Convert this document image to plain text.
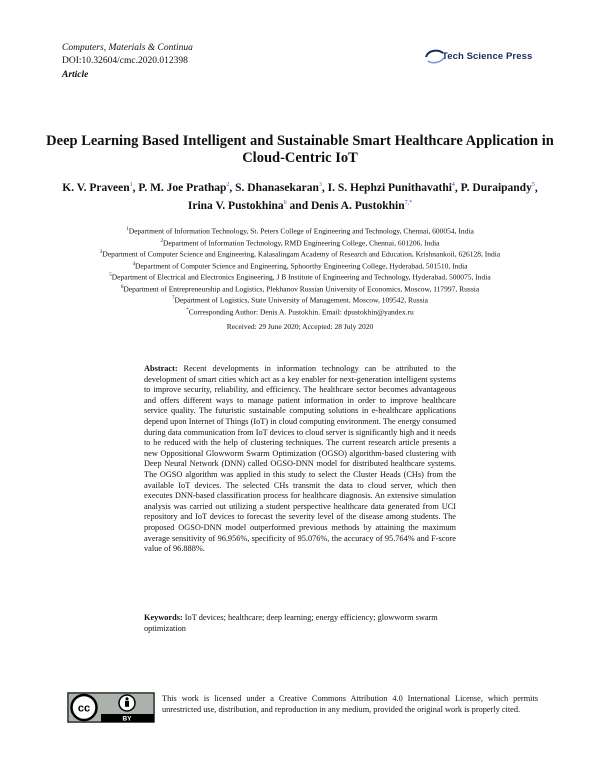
Computers, Materials & Continua
DOI:10.32604/cmc.2020.012398
Article
Tech Science Press
Deep Learning Based Intelligent and Sustainable Smart Healthcare Application in Cloud-Centric IoT
K. V. Praveen$^1$, P. M. Joe Prathap$^2$, S. Dhanasekaran$^3$, I. S. Hephzi Punithavathi$^4$, P. Duraipandy$^5$,
Irina V. Pustokhina$^6$ and Denis A. Pustokhin$^{7,*}$
$^1$Department of Information Technology, St. Peters College of Engineering and Technology, Chennai, 600054, India
$^2$Department of Information Technology, RMD Engineering College, Chennai, 601206, India
$^3$Department of Computer Science and Engineering, Kalasalingam Academy of Research and Education, Krishnankoil, 626128, India
$^4$Department of Computer Science and Engineering, Sphoorthy Engineering College, Hyderabad, 501510, India
$^5$Department of Electrical and Electronics Engineering, J B Institute of Engineering and Technology, Hyderabad, 500075, India
$^6$Department of Entrepreneurship and Logistics, Plekhanov Russian University of Economics, Moscow, 117997, Russia
$^7$Department of Logistics, State University of Management, Moscow, 109542, Russia
*Corresponding Author: Denis A. Pustokhin. Email: dpustokhin@yandex.ru
Received: 29 June 2020; Accepted: 28 July 2020
Abstract: Recent developments in information technology can be attributed to the development of smart cities which act as a key enabler for next-generation intelligent systems to improve security, reliability, and efficiency. The healthcare sector becomes advantageous and offers different ways to manage patient information in order to improve healthcare service quality. The futuristic sustainable computing solutions in e-healthcare applications depend upon Internet of Things (IoT) in cloud computing environment. The energy consumed during data communication from IoT devices to cloud server is significantly high and it needs to be reduced with the help of clustering techniques. The current research article presents a new Oppositional Glowworm Swarm Optimization (OGSO) algorithm-based clustering with Deep Neural Network (DNN) called OGSO-DNN model for distributed healthcare systems. The OGSO algorithm was applied in this study to select the Cluster Heads (CHs) from the available IoT devices. The selected CHs transmit the data to cloud server, which then executes DNN-based classification process for healthcare diagnosis. An extensive simulation analysis was carried out utilizing a student perspective healthcare data generated from UCI repository and IoT devices to forecast the severity level of the disease among students. The proposed OGSO-DNN model outperformed previous methods by attaining the maximum average sensitivity of 96.956%, specificity of 95.076%, the accuracy of 95.764% and F-score value of 96.888%.
Keywords: IoT devices; healthcare; deep learning; energy efficiency; glowworm swarm optimization
cc
BY
This work is licensed under a Creative Commons Attribution 4.0 International License, which permits unrestricted use, distribution, and reproduction in any medium, provided the original work is properly cited.
